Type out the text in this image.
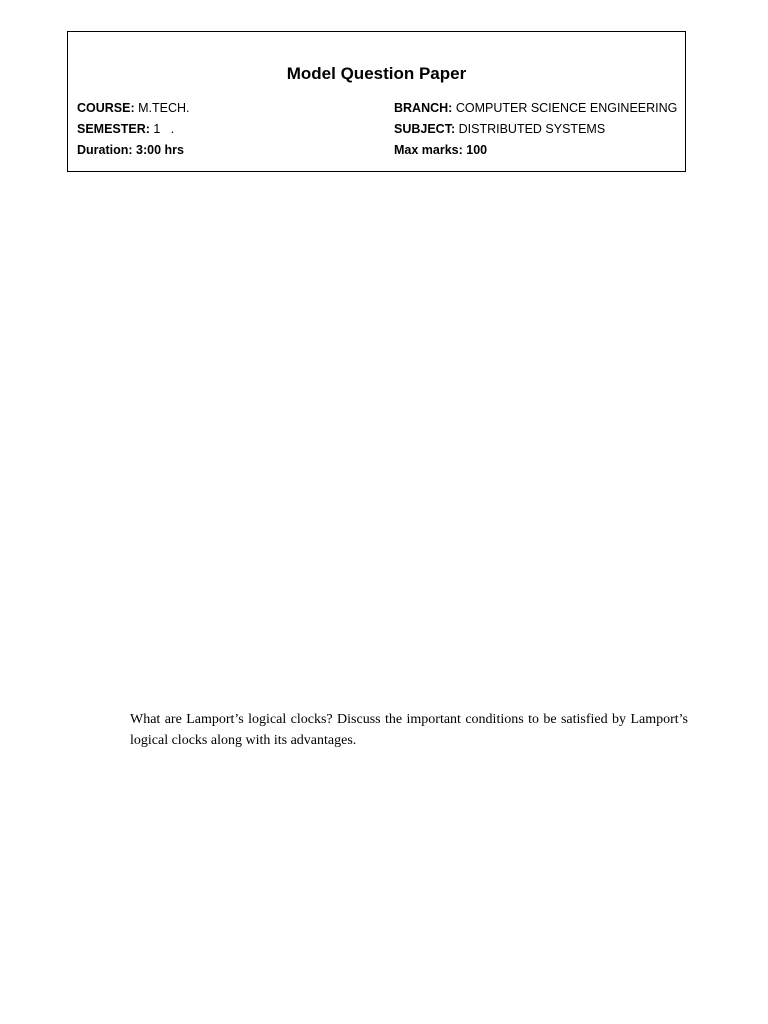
Model Question Paper
COURSE: M.TECH.	BRANCH: COMPUTER SCIENCE ENGINEERING
SEMESTER: 1   .	SUBJECT: DISTRIBUTED SYSTEMS
Duration: 3:00 hrs	Max marks: 100
What are Lamport’s logical clocks? Discuss the important conditions to be satisfied by Lamport’s logical clocks along with its advantages.
